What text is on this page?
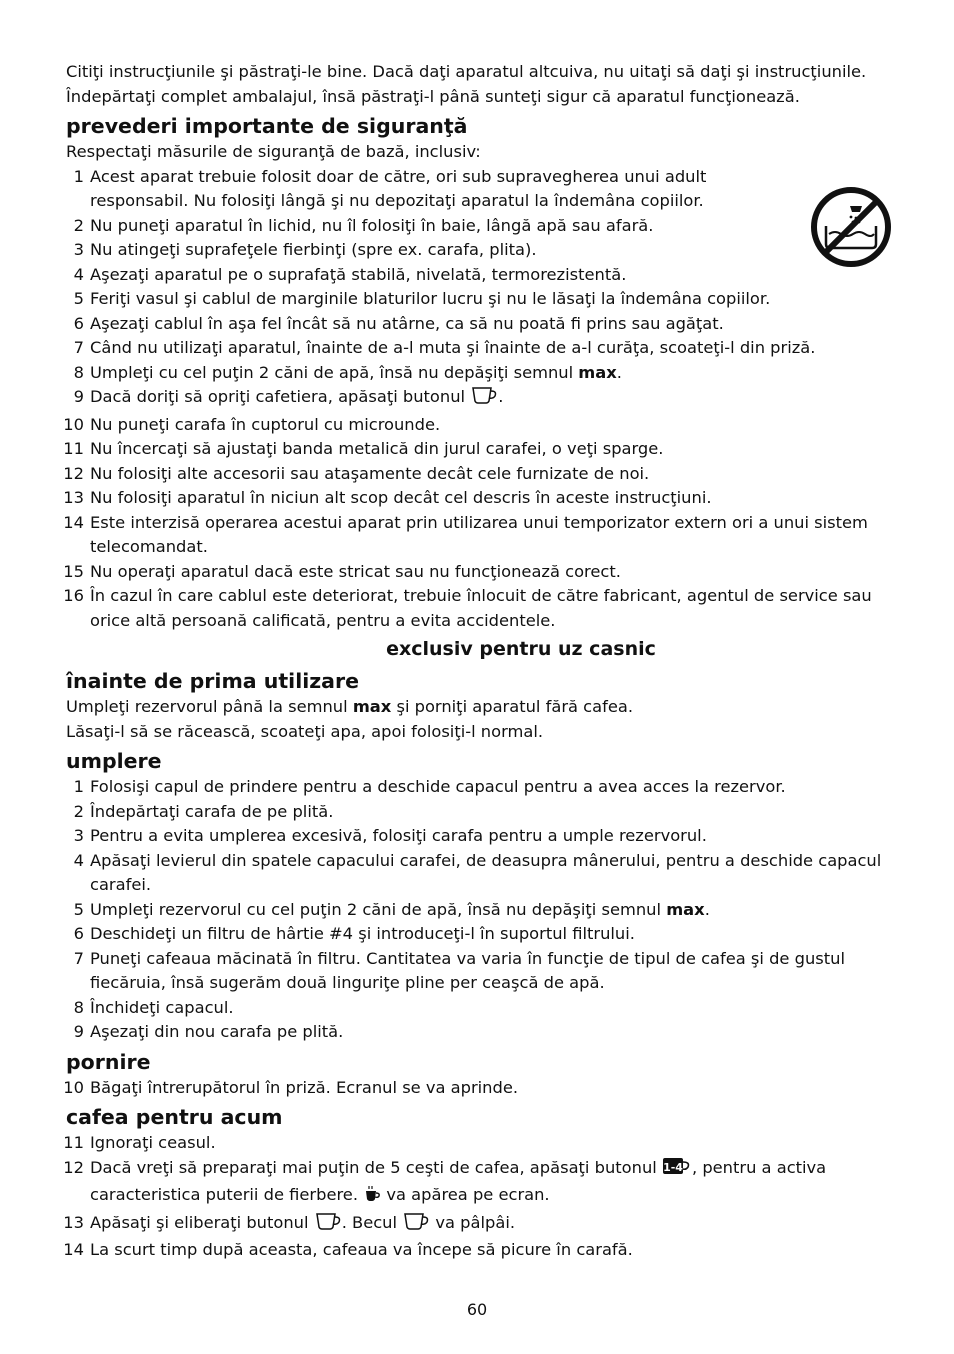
Citiţi instrucţiunile şi păstraţi-le bine. Dacă daţi aparatul altcuiva, nu uitaţi să daţi şi instrucţiunile.

Îndepărtaţi complet ambalajul, însă păstraţi-l până sunteţi sigur că aparatul funcţionează.

prevederi importante de siguranţă

Respectaţi măsurile de siguranţă de bază, inclusiv:

1 Acest aparat trebuie folosit doar de către, ori sub supravegherea unui adult responsabil. Nu folosiţi lângă şi nu depozitaţi aparatul la îndemâna copiilor.
2 Nu puneţi aparatul în lichid, nu îl folosiţi în baie, lângă apă sau afară.
3 Nu atingeţi suprafeţele fierbinţi (spre ex. carafa, plita).
4 Aşezaţi aparatul pe o suprafaţă stabilă, nivelată, termorezistentă.
5 Feriţi vasul şi cablul de marginile blaturilor lucru şi nu le lăsaţi la îndemâna copiilor.
6 Aşezaţi cablul în aşa fel încât să nu atârne, ca să nu poată fi prins sau agăţat.
7 Când nu utilizaţi aparatul, înainte de a-l muta şi înainte de a-l curăţa, scoateţi-l din priză.
8 Umpleţi cu cel puţin 2 căni de apă, însă nu depăşiţi semnul max.
9 Dacă doriţi să opriţi cafetiera, apăsaţi butonul .
10 Nu puneţi carafa în cuptorul cu microunde.
11 Nu încercaţi să ajustaţi banda metalică din jurul carafei, o veţi sparge.
12 Nu folosiţi alte accesorii sau ataşamente decât cele furnizate de noi.
13 Nu folosiţi aparatul în niciun alt scop decât cel descris în aceste instrucţiuni.
14 Este interzisă operarea acestui aparat prin utilizarea unui temporizator extern ori a unui sistem telecomandat.
15 Nu operaţi aparatul dacă este stricat sau nu funcţionează corect.
16 În cazul în care cablul este deteriorat, trebuie înlocuit de către fabricant, agentul de service sau orice altă persoană calificată, pentru a evita accidentele.
exclusiv pentru uz casnic
înainte de prima utilizare

Umpleţi rezervorul până la semnul max şi porniţi aparatul fără cafea.

Lăsaţi-l să se răcească, scoateţi apa, apoi folosiţi-l normal.

umplere
1 Folosişi capul de prindere pentru a deschide capacul pentru a avea acces la rezervor.
2 Îndepărtaţi carafa de pe plită.
3 Pentru a evita umplerea excesivă, folosiţi carafa pentru a umple rezervorul.
4 Apăsaţi levierul din spatele capacului carafei, de deasupra mânerului, pentru a deschide capacul carafei.
5 Umpleţi rezervorul cu cel puţin 2 căni de apă, însă nu depăşiţi semnul max.
6 Deschideţi un filtru de hârtie #4 şi introduceţi-l în suportul filtrului.
7 Puneţi cafeaua măcinată în filtru. Cantitatea va varia în funcţie de tipul de cafea şi de gustul fiecăruia, însă sugerăm două linguriţe pline per ceaşcă de apă.
8 Închideţi capacul.
9 Aşezaţi din nou carafa pe plită.
pornire
10 Băgaţi întrerupătorul în priză. Ecranul se va aprinde.
cafea pentru acum
11 Ignoraţi ceasul.
12 Dacă vreţi să preparaţi mai puţin de 5 ceşti de cafea, apăsaţi butonul 1-4 , pentru a activa caracteristica puterii de fierbere.  va apărea pe ecran.
13 Apăsaţi şi eliberaţi butonul . Becul  va pâlpâi.
14 La scurt timp după aceasta, cafeaua va începe să picure în carafă.
60
